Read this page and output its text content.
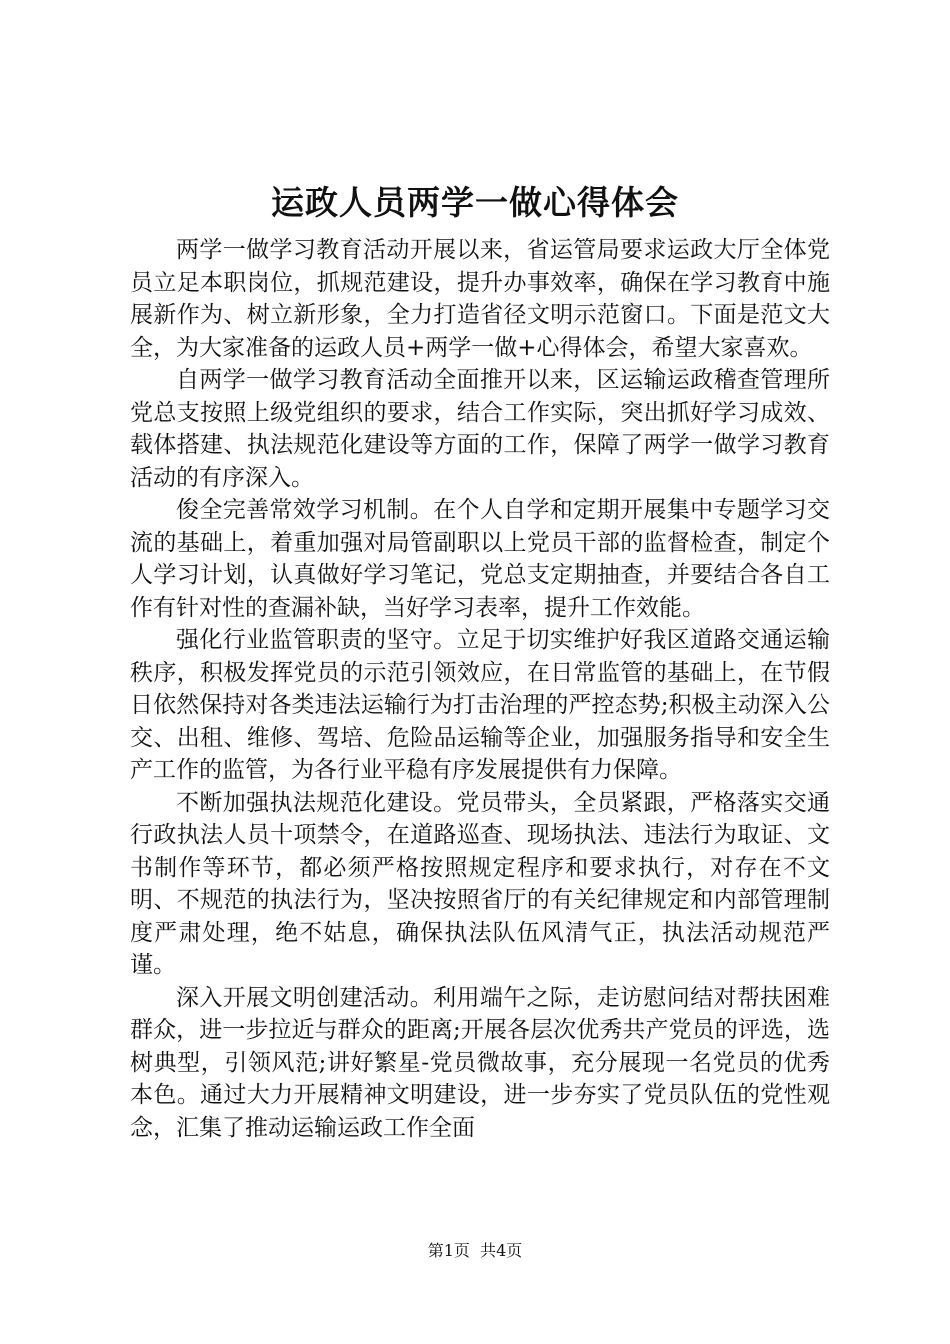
运政人员两学一做心得体会

两学一做学习教育活动开展以来，省运管局要求运政大厅全体党员立足本职岗位，抓规范建设，提升办事效率，确保在学习教育中施展新作为、树立新形象，全力打造省径文明示范窗口。下面是范文大全，为大家准备的运政人员+两学一做+心得体会，希望大家喜欢。

自两学一做学习教育活动全面推开以来，区运输运政稽查管理所党总支按照上级党组织的要求，结合工作实际，突出抓好学习成效、载体搭建、执法规范化建设等方面的工作，保障了两学一做学习教育活动的有序深入。

俊全完善常效学习机制。在个人自学和定期开展集中专题学习交流的基础上，着重加强对局管副职以上党员干部的监督检查，制定个人学习计划，认真做好学习笔记，党总支定期抽查，并要结合各自工作有针对性的查漏补缺，当好学习表率，提升工作效能。

强化行业监管职责的坚守。立足于切实维护好我区道路交通运输秩序，积极发挥党员的示范引领效应，在日常监管的基础上，在节假日依然保持对各类违法运输行为打击治理的严控态势;积极主动深入公交、出租、维修、驾培、危险品运输等企业，加强服务指导和安全生产工作的监管，为各行业平稳有序发展提供有力保障。

不断加强执法规范化建设。党员带头，全员紧跟，严格落实交通行政执法人员十项禁令，在道路巡查、现场执法、违法行为取证、文书制作等环节，都必须严格按照规定程序和要求执行，对存在不文明、不规范的执法行为，坚决按照省厅的有关纪律规定和内部管理制度严肃处理，绝不姑息，确保执法队伍风清气正，执法活动规范严谨。

深入开展文明创建活动。利用端午之际，走访慰问结对帮扶困难群众，进一步拉近与群众的距离;开展各层次优秀共产党员的评选，选树典型，引领风范;讲好繁星-党员微故事，充分展现一名党员的优秀本色。通过大力开展精神文明建设，进一步夯实了党员队伍的党性观念，汇集了推动运输运政工作全面

第1页 共4页
